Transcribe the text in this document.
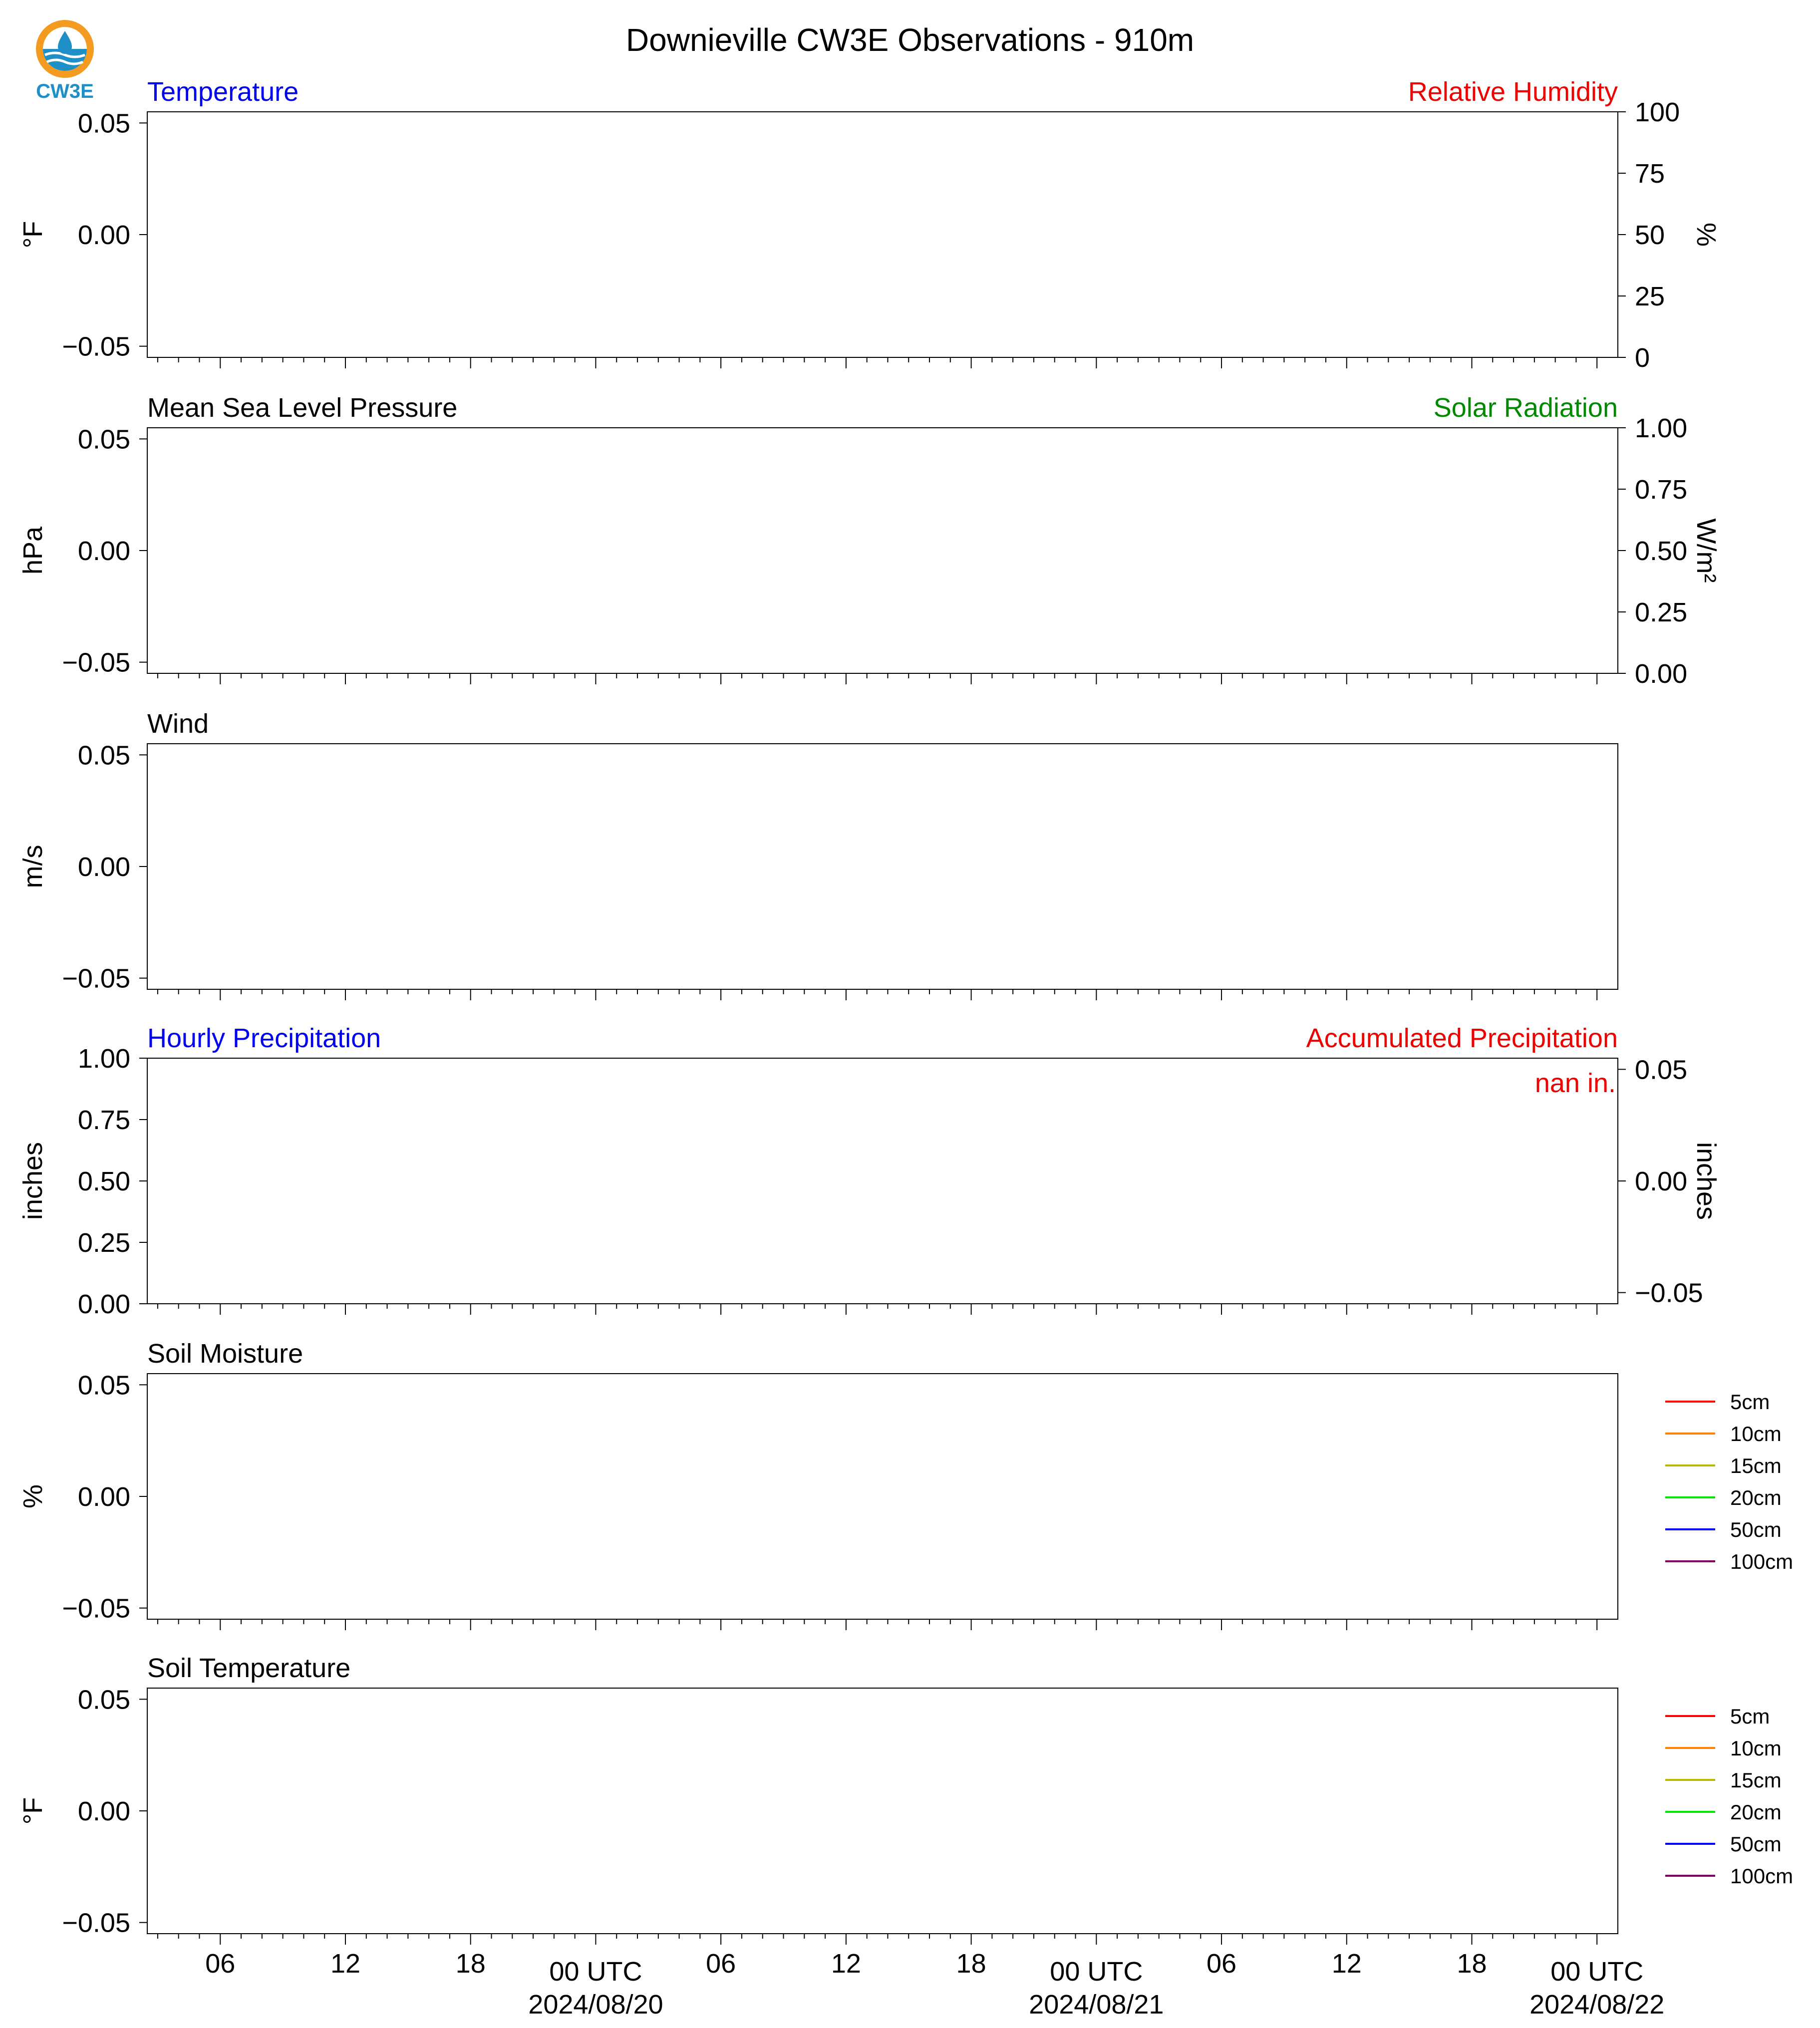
CW3E
Downieville CW3E Observations - 910m
Temperature	Relative Humidity
0.05
0.00
−0.05
°F
100
75
50
25
0
%
Mean Sea Level Pressure	Solar Radiation
0.05
0.00
−0.05
hPa
1.00
0.75
0.50
0.25
0.00
W/m²
Wind
0.05
0.00
−0.05
m/s
Hourly Precipitation	Accumulated Precipitation
1.00
0.75
0.50
0.25
0.00
inches
0.05
0.00
−0.05
inches
nan in.
Soil Moisture
0.05
0.00
−0.05
%
5cm
10cm
15cm
20cm
50cm
100cm
Soil Temperature
0.05
0.00
−0.05
°F
5cm
10cm
15cm
20cm
50cm
100cm
06	12	18 00 UTC
2024/08/20
06	12	18 00 UTC
2024/08/21
06	12	18 00 UTC
2024/08/22
